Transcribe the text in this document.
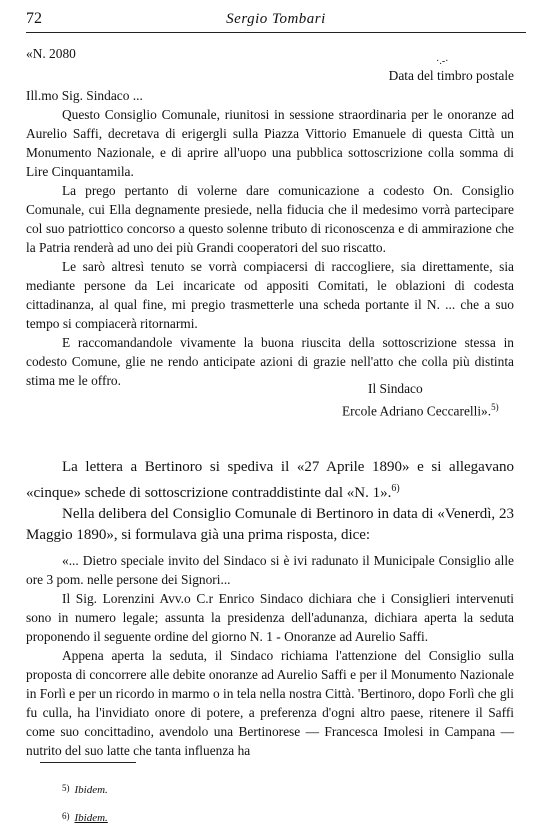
72	Sergio Tombari
«N. 2080
·.-·
Data del timbro postale
Ill.mo Sig. Sindaco ...

Questo Consiglio Comunale, riunitosi in sessione straordinaria per le onoranze ad Aurelio Saffi, decretava di erigergli sulla Piazza Vittorio Emanuele di questa Città un Monumento Nazionale, e di aprire all'uopo una pubblica sottoscrizione colla somma di Lire Cinquantamila.

La prego pertanto di volerne dare comunicazione a codesto On. Consiglio Comunale, cui Ella degnamente presiede, nella fiducia che il medesimo vorrà partecipare col suo patriottico concorso a questo solenne tributo di riconoscenza e di ammirazione che la Patria renderà ad uno dei più Grandi cooperatori del suo riscatto.

Le sarò altresì tenuto se vorrà compiacersi di raccogliere, sia direttamente, sia mediante persone da Lei incaricate od appositi Comitati, le oblazioni di codesta cittadinanza, al qual fine, mi pregio trasmetterle una scheda portante il N. ... che a suo tempo si compiacerà ritornarmi.

E raccomandandole vivamente la buona riuscita della sottoscrizione stessa in codesto Comune, glie ne rendo anticipate azioni di grazie nell'atto che colla più distinta stima me le offro.

Il Sindaco
Ercole Adriano Ceccarelli».$^{5)}$

La lettera a Bertinoro si spediva il «27 Aprile 1890» e si allegavano «cinque» schede di sottoscrizione contraddistinte dal «N. 1».$^{6)}$

Nella delibera del Consiglio Comunale di Bertinoro in data di «Venerdì, 23 Maggio 1890», si formulava già una prima risposta, dice:

«... Dietro speciale invito del Sindaco si è ivi radunato il Municipale Consiglio alle ore 3 pom. nelle persone dei Signori...

Il Sig. Lorenzini Avv.o C.r Enrico Sindaco dichiara che i Consiglieri intervenuti sono in numero legale; assunta la presidenza dell'adunanza, dichiara aperta la seduta proponendo il seguente ordine del giorno N. 1 - Onoranze ad Aurelio Saffi.

Appena aperta la seduta, il Sindaco richiama l'attenzione del Consiglio sulla proposta di concorrere alle debite onoranze ad Aurelio Saffi e per il Monumento Nazionale in Forlì e per un ricordo in marmo o in tela nella nostra Città. 'Bertinoro, dopo Forlì che gli fu culla, ha l'invidiato onore di potere, a preferenza d'ogni altro paese, ritenere il Saffi come suo concittadino, avendolo una Bertinorese — Francesca Imolesi in Campana — nutrito del suo latte che tanta influenza ha

5) Ibidem.
6) Ibidem.
